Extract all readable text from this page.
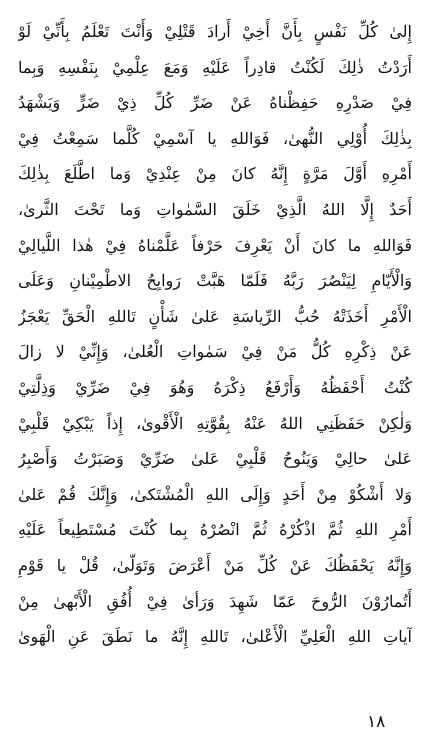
إِلىٰ كُلِّ نَفْسٍ بِأَنَّ أَخِيْ أَرادَ قَتْلِيْ وَأَنْتَ تَعْلَمُ بِأَنِّيْ لَوْ
أَرَدْتُ ذٰلِكَ لَكُنْتُ قادِراً عَلَيْهِ وَمَعَ عِلْمِيْ بِنَفْسِهِ وَبِما
فِيْ صَدْرِهِ حَفِظْناهُ عَنْ ضَرِّ كُلِّ ذِيْ ضَرٍّ وَيَشْهَدُ
بِذٰلِكَ أُوْلِي النُّهىٰ، فَوَاللهِ يا آسْمِيْ كُلَّما سَمِعْتُ فِيْ
أَمْرِهِ أَوَّلَ مَرَّةٍ إِنَّهُ كانَ مِنْ عِنْدِيْ وَما اطَّلَعَ بِذٰلِكَ
أَحَدٌ إِلَّا اللهُ الَّذِيْ خَلَقَ السَّمٰواتِ وَما تَحْتَ الثَّرىٰ،
فَوَاللهِ ما كانَ أَنْ يَعْرِفَ حَرْفاً عَلَّمْناهُ فِيْ هٰذا اللَّيالِيْ
وَالْأَيّامِ لِيَنْصُرَ رَبَّهُ فَلَمّا هَبَّتْ رَوايِحُ الاطْمِيْنانِ وَعَلَى
الْأَمْرِ أَخَذَتْهُ حُبُّ الرِّياسَةِ عَلىٰ شَأْنٍ تَاللهِ الْحَقِّ يَعْجَزُ
عَنْ ذِكْرِهِ كُلُّ مَنْ فِيْ سَمٰواتِ الْعُلىٰ، وَإِنِّيْ لا زالَ
كُنْتُ أَحْفَظُهُ وَأَرْفَعُ ذِكْرَهُ وَهُوَ فِيْ ضَرِّيْ وَذِلَّتِيْ
وَلٰكِنْ حَفَظَنِي اللهُ عَنْهُ بِقُوَّتِهِ الْأَقْوىٰ، إِذاً يَبْكِيْ قَلْبِيْ
عَلىٰ حالِيْ وَيَنُوحُ قَلْبِيْ عَلىٰ ضَرِّيْ وَصَبَرْتُ وَأَصْبِرُ
وَلا أَشْكُوْ مِنْ أَحَدٍ وَإِلَى اللهِ الْمُشْتَكىٰ، وَإِنَّكَ قُمْ عَلىٰ
أَمْرِ اللهِ ثُمَّ اذْكُرْهُ ثُمَّ انْصُرْهُ بِما كُنْتَ مُسْتَطِيعاً عَلَيْهِ
وَإِنَّهُ يَحْفَظُكَ عَنْ كُلِّ مَنْ أَعْرَضَ وَتَوَلّىٰ، قُلْ يا قَوْمِ
أَتُمارُوْنَ الرُّوحَ عَمّا شَهِدَ وَرَأىٰ فِيْ أُفُقِ الْأَبْهىٰ مِنْ
آياتِ اللهِ الْعَلِيِّ الْأَعْلىٰ، تَاللهِ إِنَّهُ ما نَطَقَ عَنِ الْهَوىٰ
١٨
